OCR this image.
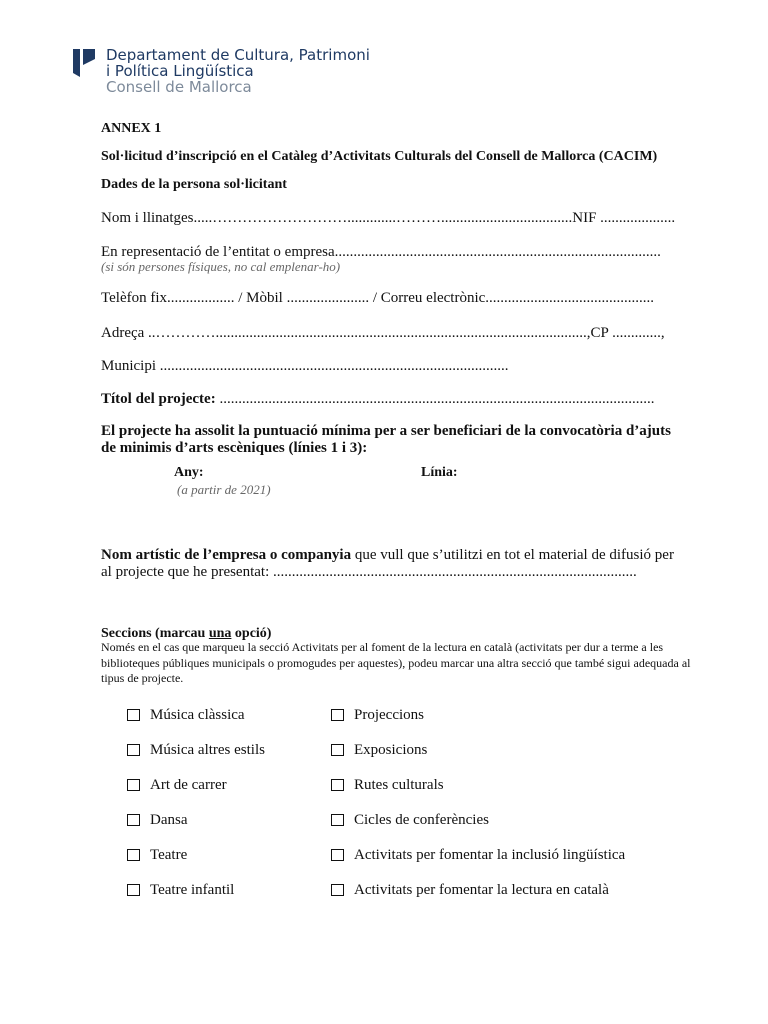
Departament de Cultura, Patrimoni
i Política Lingüística
Consell de Mallorca
ANNEX 1
Sol·licitud d’inscripció en el Catàleg d’Activitats Culturals del Consell de Mallorca (CACIM)
Dades de la persona sol·licitant
Nom i llinatges.....……………………….............………...................................NIF ....................
En representació de l’entitat o empresa.......................................................................................
(si són persones físiques, no cal emplenar-ho)
Telèfon fix.................. / Mòbil ...................... / Correu electrònic.............................................
Adreça ..…………...................................................................................................,CP .............,
Municipi .............................................................................................
Títol del projecte: ....................................................................................................................
El projecte ha assolit la puntuació mínima per a ser beneficiari de la convocatòria d’ajuts
de minimis d’arts escèniques (línies 1 i 3):
Any:
(a partir de 2021)
Línia:
Nom artístic de l’empresa o companyia que vull que s’utilitzi en tot el material de difusió per
al projecte que he presentat: .................................................................................................
Seccions (marcau una opció)
Només en el cas que marqueu la secció Activitats per al foment de la lectura en català (activitats per dur a terme a les biblioteques públiques municipals o promogudes per aquestes), podeu marcar una altra secció que també sigui adequada al tipus de projecte.
Música clàssica
Música altres estils
Art de carrer
Dansa
Teatre
Teatre infantil
Projeccions
Exposicions
Rutes culturals
Cicles de conferències
Activitats per fomentar la inclusió lingüística
Activitats per fomentar la lectura en català
